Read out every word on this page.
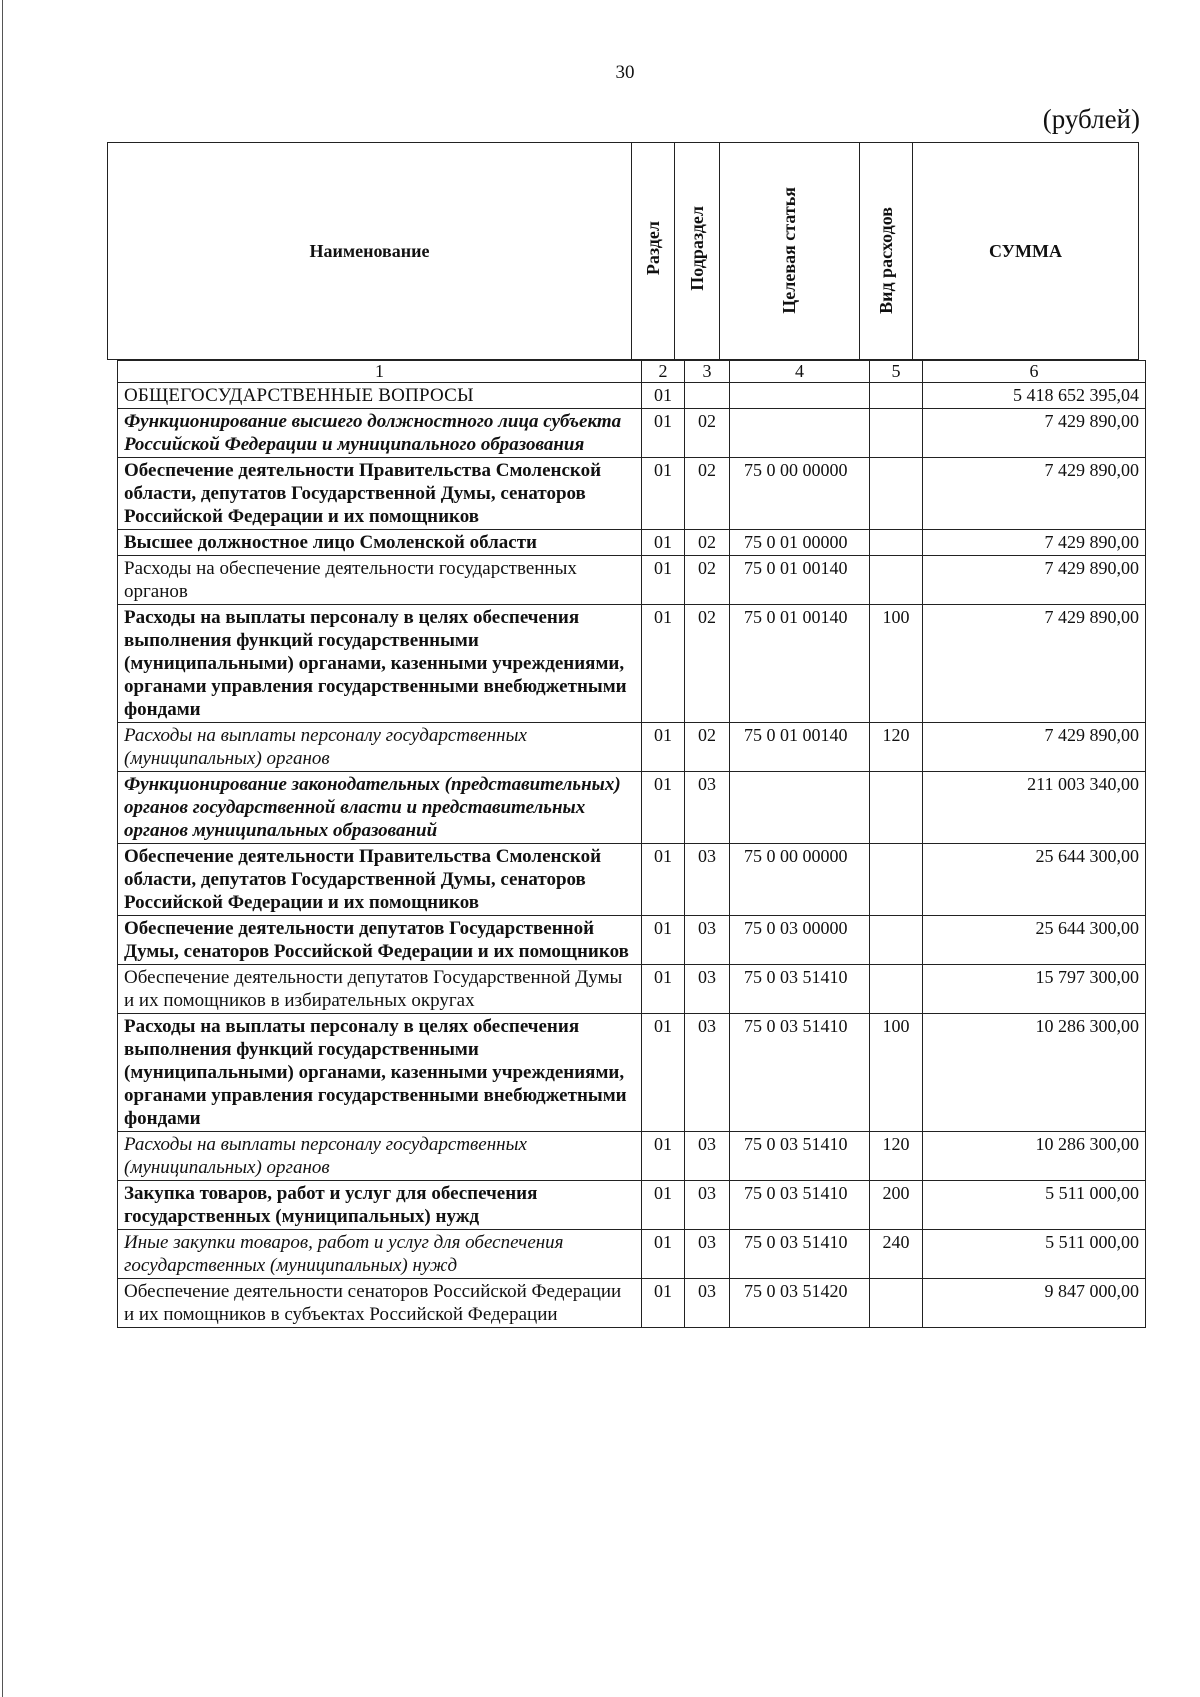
30
(рублей)
Наименование	Раздел	Подраздел	Целевая статья	Вид расходов	СУММА
1	2	3	4	5	6
ОБЩЕГОСУДАРСТВЕННЫЕ ВОПРОСЫ	01				5 418 652 395,04
Функционирование высшего должностного лица субъекта Российской Федерации и муниципального образования	01	02			7 429 890,00
Обеспечение деятельности Правительства Смоленской области, депутатов Государственной Думы, сенаторов Российской Федерации и их помощников	01	02	75 0 00 00000		7 429 890,00
Высшее должностное лицо Смоленской области	01	02	75 0 01 00000		7 429 890,00
Расходы на обеспечение деятельности государственных органов	01	02	75 0 01 00140		7 429 890,00
Расходы на выплаты персоналу в целях обеспечения выполнения функций государственными (муниципальными) органами, казенными учреждениями, органами управления государственными внебюджетными фондами	01	02	75 0 01 00140	100	7 429 890,00
Расходы на выплаты персоналу государственных (муниципальных) органов	01	02	75 0 01 00140	120	7 429 890,00
Функционирование законодательных (представительных) органов государственной власти и представительных органов муниципальных образований	01	03			211 003 340,00
Обеспечение деятельности Правительства Смоленской области, депутатов Государственной Думы, сенаторов Российской Федерации и их помощников	01	03	75 0 00 00000		25 644 300,00
Обеспечение деятельности депутатов Государственной Думы, сенаторов Российской Федерации и их помощников	01	03	75 0 03 00000		25 644 300,00
Обеспечение деятельности депутатов Государственной Думы и их помощников в избирательных округах	01	03	75 0 03 51410		15 797 300,00
Расходы на выплаты персоналу в целях обеспечения выполнения функций государственными (муниципальными) органами, казенными учреждениями, органами управления государственными внебюджетными фондами	01	03	75 0 03 51410	100	10 286 300,00
Расходы на выплаты персоналу государственных (муниципальных) органов	01	03	75 0 03 51410	120	10 286 300,00
Закупка товаров, работ и услуг для обеспечения государственных (муниципальных) нужд	01	03	75 0 03 51410	200	5 511 000,00
Иные закупки товаров, работ и услуг для обеспечения государственных (муниципальных) нужд	01	03	75 0 03 51410	240	5 511 000,00
Обеспечение деятельности сенаторов Российской Федерации и их помощников в субъектах Российской Федерации	01	03	75 0 03 51420		9 847 000,00
